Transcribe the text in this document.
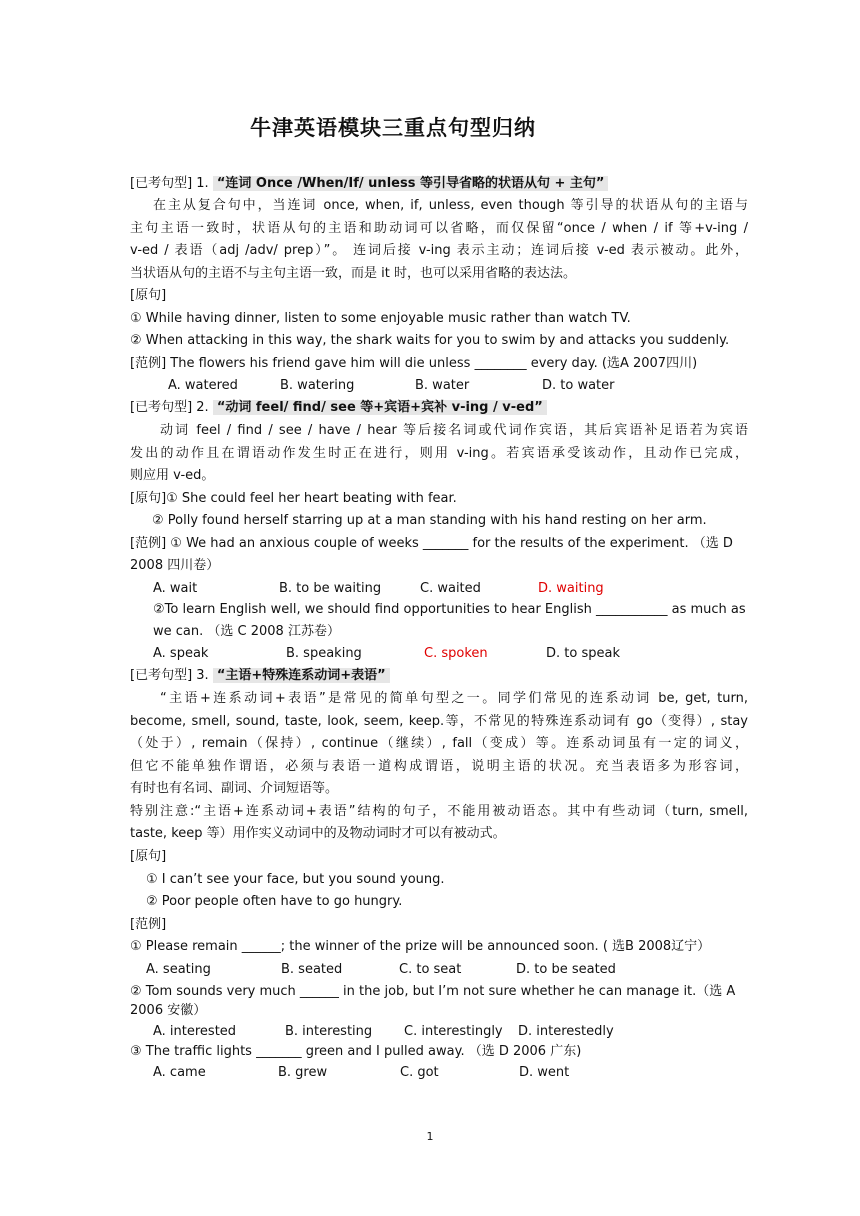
牛津英语模块三重点句型归纳
[已考句型] 1. “连词 Once /When/If/ unless 等引导省略的状语从句 + 主句”
在主从复合句中，当连词 once, when, if, unless, even though 等引导的状语从句的主语与
主句主语一致时，状语从句的主语和助动词可以省略，而仅保留“once / when / if 等+v-ing /
v-ed / 表语（adj /adv/ prep）”。 连词后接 v-ing 表示主动；连词后接 v-ed 表示被动。此外，
当状语从句的主语不与主句主语一致，而是 it 时，也可以采用省略的表达法。
[原句]
① While having dinner, listen to some enjoyable music rather than watch TV.
② When attacking in this way, the shark waits for you to swim by and attacks you suddenly.
[范例] The flowers his friend gave him will die unless ________ every day. (选A 2007四川)
A. watered	B. watering	B. water	D. to water
[已考句型] 2. “动词 feel/ find/ see 等+宾语+宾补 v-ing / v-ed”
动词 feel / find / see / have / hear 等后接名词或代词作宾语，其后宾语补足语若为宾语
发出的动作且在谓语动作发生时正在进行，则用 v-ing。若宾语承受该动作，且动作已完成，
则应用 v-ed。
[原句]① She could feel her heart beating with fear.
② Polly found herself starring up at a man standing with his hand resting on her arm.
[范例] ① We had an anxious couple of weeks _______ for the results of the experiment. （选 D
2008 四川卷）
A. wait	B. to be waiting	C. waited	D. waiting
②To learn English well, we should find opportunities to hear English ___________ as much as
we can. （选 C 2008 江苏卷）
A. speak	B. speaking	C. spoken	D. to speak
[已考句型] 3. “主语+特殊连系动词+表语”
“主语+连系动词+表语”是常见的简单句型之一。同学们常见的连系动词 be, get, turn,
become, smell, sound, taste, look, seem, keep.等，不常见的特殊连系动词有 go（变得）, stay
（处于）, remain（保持）, continue（继续）, fall（变成）等。连系动词虽有一定的词义，
但它不能单独作谓语，必须与表语一道构成谓语，说明主语的状况。充当表语多为形容词，
有时也有名词、副词、介词短语等。
特别注意:“主语+连系动词+表语”结构的句子，不能用被动语态。其中有些动词（turn, smell,
taste, keep 等）用作实义动词中的及物动词时才可以有被动式。
[原句]
① I can’t see your face, but you sound young.
② Poor people often have to go hungry.
[范例]
① Please remain ______; the winner of the prize will be announced soon. ( 选B 2008辽宁）
A. seating	B. seated	C. to seat	D. to be seated
② Tom sounds very much ______ in the job, but I’m not sure whether he can manage it.（选 A
2006 安徽）
A. interested	B. interesting C. interestingly D. interestedly
③ The traffic lights _______ green and I pulled away. （选 D 2006 广东)
A. came	B. grew	C. got	D. went
1
